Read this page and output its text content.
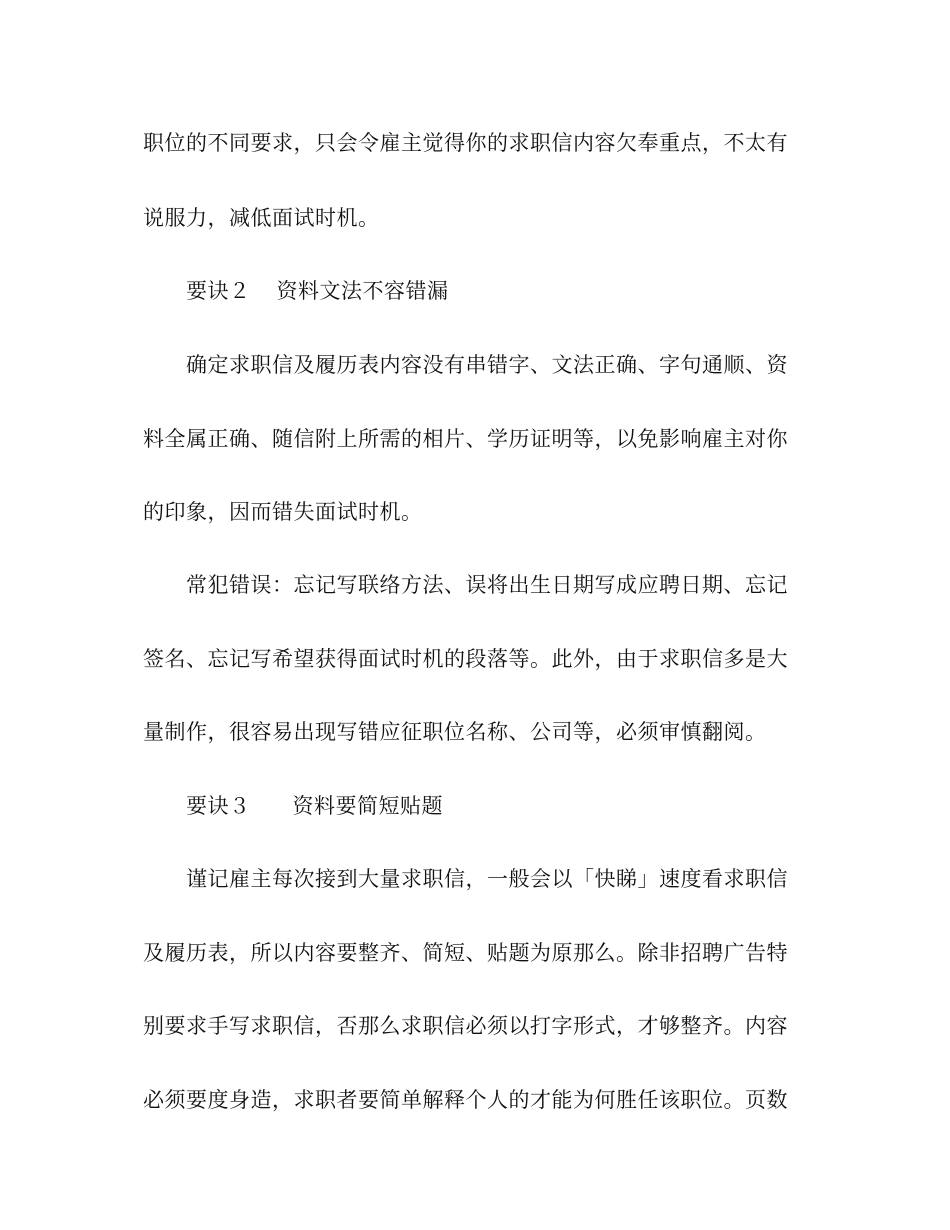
职位的不同要求，只会令雇主觉得你的求职信内容欠奉重点，不太有
说服力，减低面试时机。
要诀２ 资料文法不容错漏
确定求职信及履历表内容没有串错字、文法正确、字句通顺、资
料全属正确、随信附上所需的相片、学历证明等，以免影响雇主对你
的印象，因而错失面试时机。
常犯错误：忘记写联络方法、误将出生日期写成应聘日期、忘记
签名、忘记写希望获得面试时机的段落等。此外，由于求职信多是大
量制作，很容易出现写错应征职位名称、公司等，必须审慎翻阅。
要诀３ 资料要简短贴题
谨记雇主每次接到大量求职信，一般会以「快睇」速度看求职信
及履历表，所以内容要整齐、简短、贴题为原那么。除非招聘广告特
别要求手写求职信，否那么求职信必须以打字形式，才够整齐。内容
必须要度身造，求职者要简单解释个人的才能为何胜任该职位。页数
